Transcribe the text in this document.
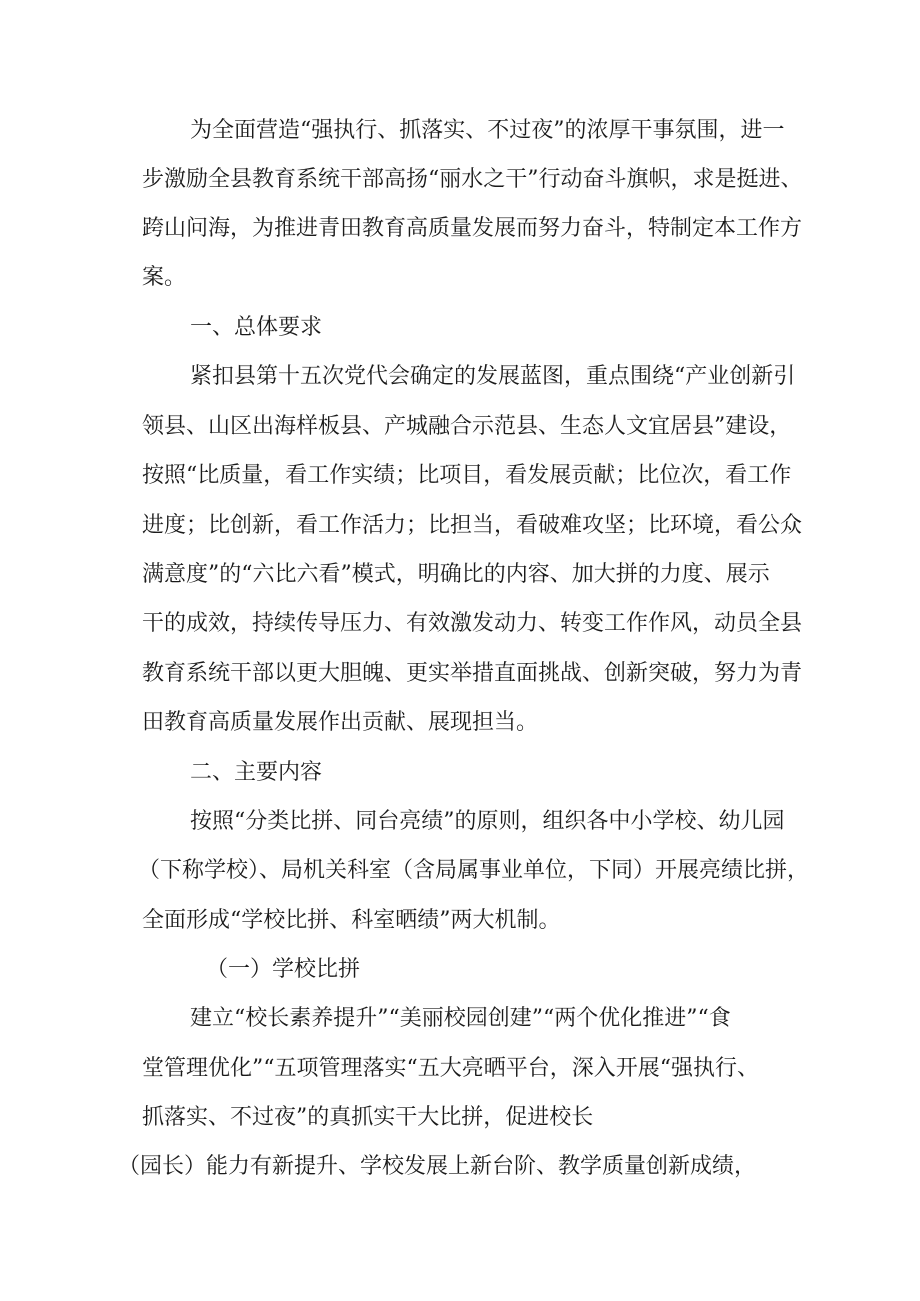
为全面营造“强执行、抓落实、不过夜”的浓厚干事氛围，进一
步激励全县教育系统干部高扬“丽水之干”行动奋斗旗帜，求是挺进、
跨山问海，为推进青田教育高质量发展而努力奋斗，特制定本工作方
案。
一、总体要求
紧扣县第十五次党代会确定的发展蓝图，重点围绕“产业创新引
领县、山区出海样板县、产城融合示范县、生态人文宜居县”建设，
按照“比质量，看工作实绩；比项目，看发展贡献；比位次，看工作
进度；比创新，看工作活力；比担当，看破难攻坚；比环境，看公众
满意度”的“六比六看”模式，明确比的内容、加大拼的力度、展示
干的成效，持续传导压力、有效激发动力、转变工作作风，动员全县
教育系统干部以更大胆魄、更实举措直面挑战、创新突破，努力为青
田教育高质量发展作出贡献、展现担当。
二、主要内容
按照“分类比拼、同台亮绩”的原则，组织各中小学校、幼儿园
（下称学校）、局机关科室（含局属事业单位，下同）开展亮绩比拼，
全面形成“学校比拼、科室晒绩”两大机制。
（一）学校比拼
建立“校长素养提升”“美丽校园创建”“两个优化推进”“食
堂管理优化”“五项管理落实“五大亮晒平台，深入开展“强执行、
抓落实、不过夜”的真抓实干大比拼，促进校长
（园长）能力有新提升、学校发展上新台阶、教学质量创新成绩，
